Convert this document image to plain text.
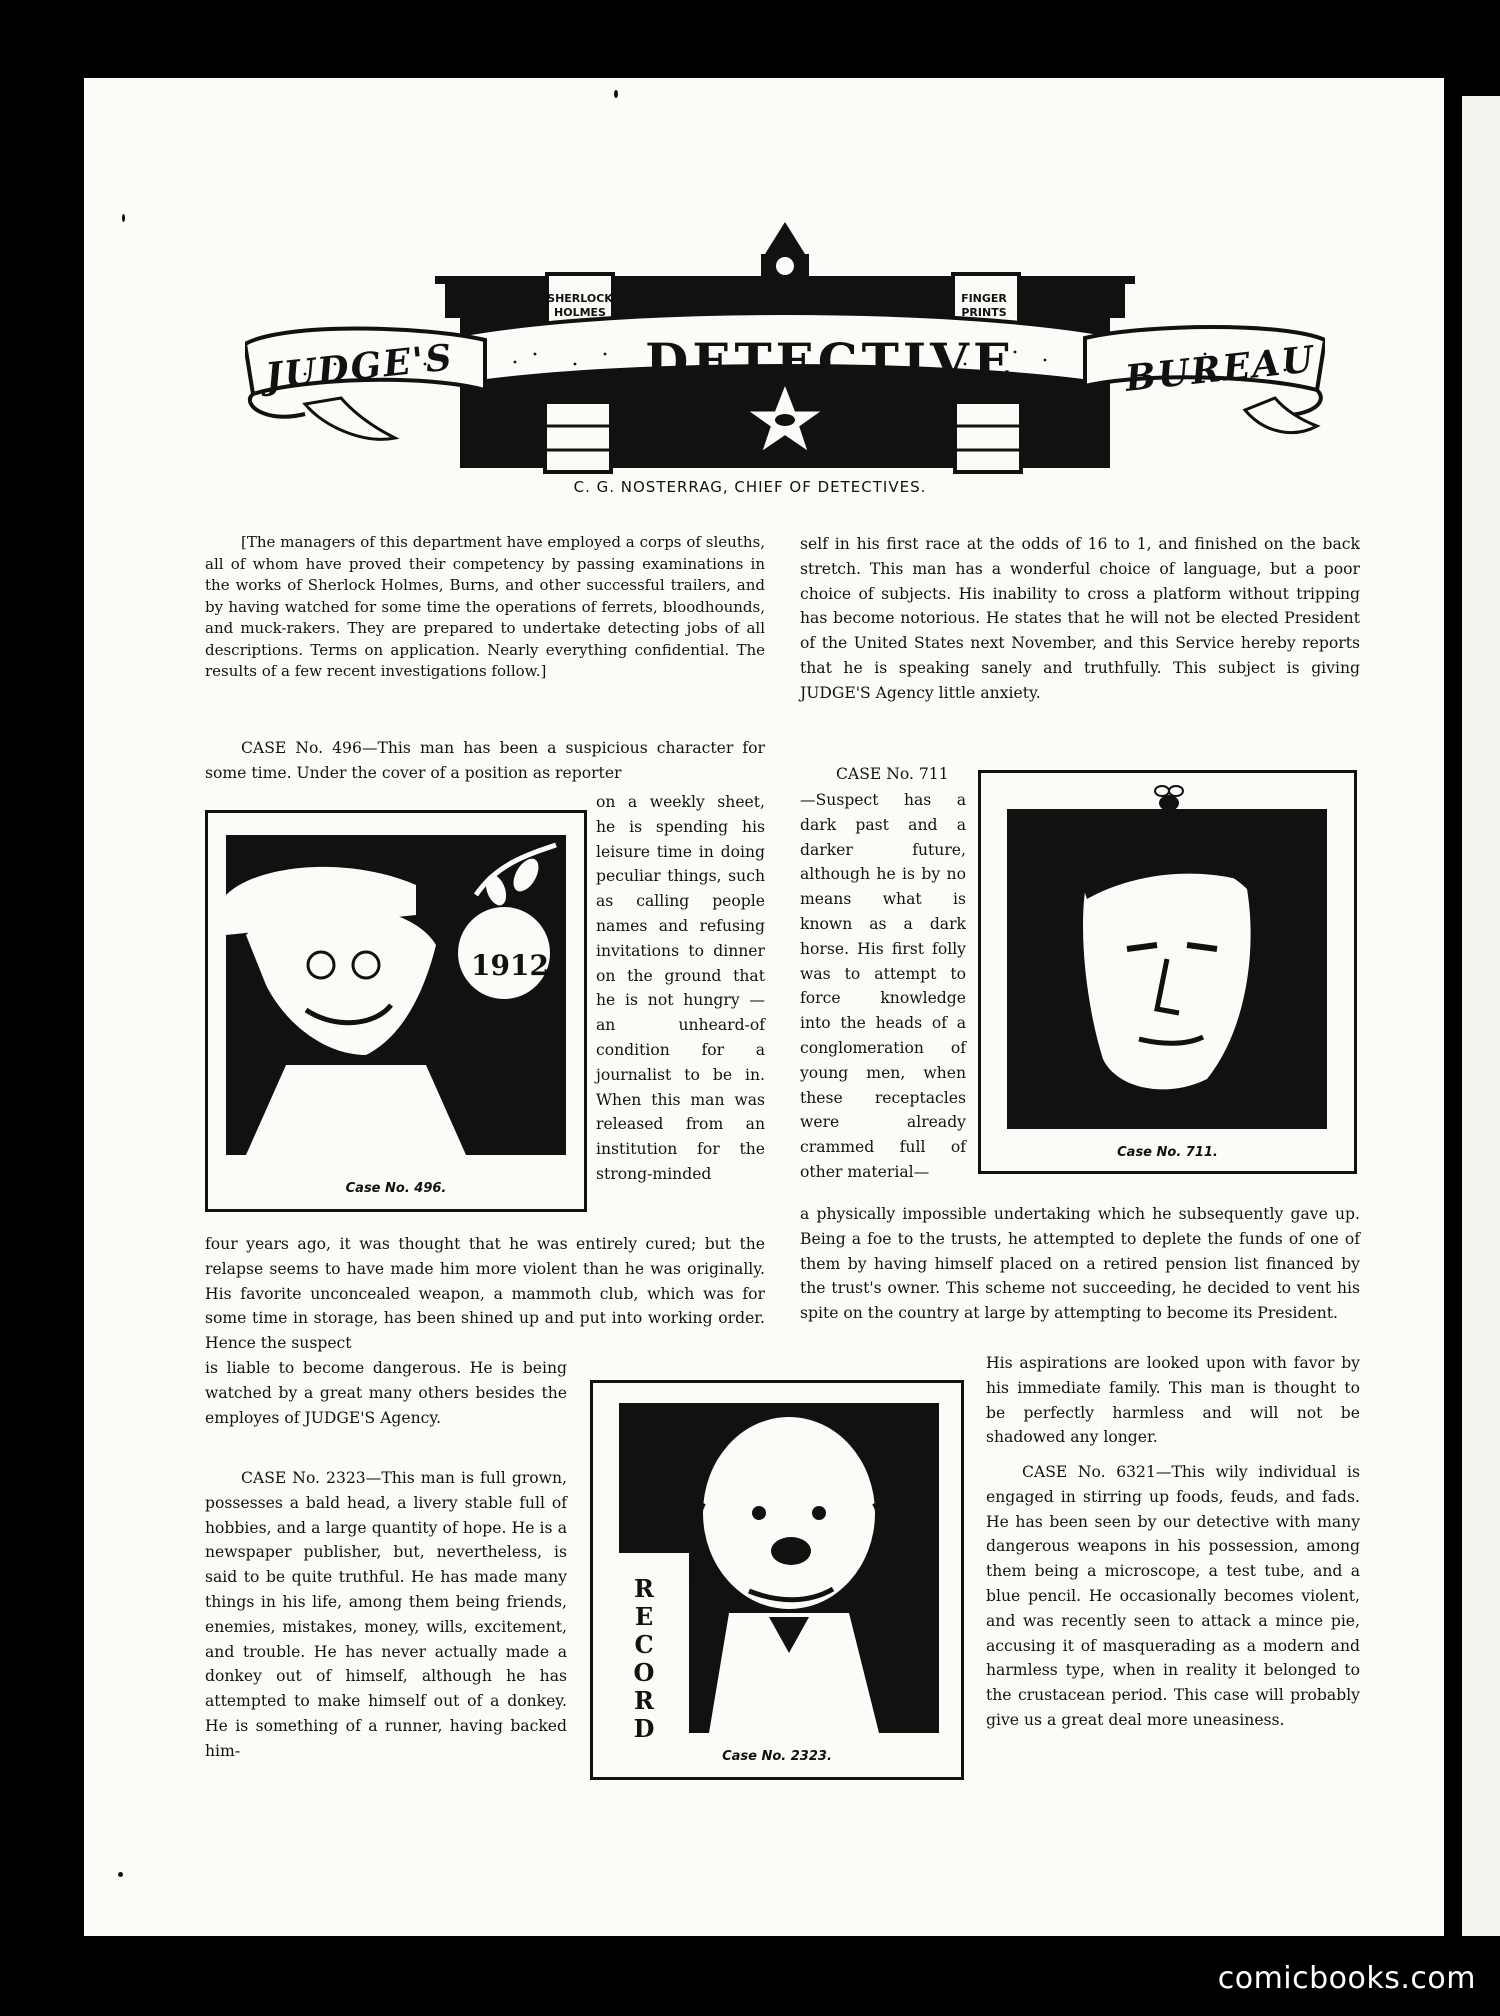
SHERLOCK HOLMES
FINGER PRINTS
JUDGE'S	DETECTIVE	BUREAU
C. G. NOSTERRAG, CHIEF OF DETECTIVES.
[The managers of this department have employed a corps of sleuths, all of whom have proved their competency by passing examinations in the works of Sherlock Holmes, Burns, and other successful trailers, and by having watched for some time the operations of ferrets, bloodhounds, and muck-rakers. They are prepared to undertake detecting jobs of all descriptions. Terms on application. Nearly everything confidential. The results of a few recent investigations follow.]
CASE No. 496—This man has been a suspicious character for some time. Under the cover of a position as reporter
1912
Case No. 496.
on a weekly sheet, he is spending his leisure time in doing peculiar things, such as calling people names and refusing invitations to dinner on the ground that he is not hungry — an unheard-of condition for a journalist to be in. When this man was released from an institution for the strong-minded
four years ago, it was thought that he was entirely cured; but the relapse seems to have made him more violent than he was originally. His favorite unconcealed weapon, a mammoth club, which was for some time in storage, has been shined up and put into working order. Hence the suspect
is liable to become dangerous. He is being watched by a great many others besides the employes of JUDGE'S Agency.
CASE No. 2323—This man is full grown, possesses a bald head, a livery stable full of hobbies, and a large quantity of hope. He is a newspaper publisher, but, nevertheless, is said to be quite truthful. He has made many things in his life, among them being friends, enemies, mistakes, money, wills, excitement, and trouble. He has never actually made a donkey out of himself, although he has attempted to make himself out of a donkey. He is something of a runner, having backed him-
RECORD
Case No. 2323.
self in his first race at the odds of 16 to 1, and finished on the back stretch. This man has a wonderful choice of language, but a poor choice of subjects. His inability to cross a platform without tripping has become notorious. He states that he will not be elected President of the United States next November, and this Service hereby reports that he is speaking sanely and truthfully. This subject is giving JUDGE'S Agency little anxiety.
CASE No. 711
—Suspect has a dark past and a darker future, although he is by no means what is known as a dark horse. His first folly was to attempt to force knowledge into the heads of a conglomeration of young men, when these receptacles were already crammed full of other material—
Case No. 711.
a physically impossible undertaking which he subsequently gave up. Being a foe to the trusts, he attempted to deplete the funds of one of them by having himself placed on a retired pension list financed by the trust's owner. This scheme not succeeding, he decided to vent his spite on the country at large by attempting to become its President.
His aspirations are looked upon with favor by his immediate family. This man is thought to be perfectly harmless and will not be shadowed any longer.
CASE No. 6321—This wily individual is engaged in stirring up foods, feuds, and fads. He has been seen by our detective with many dangerous weapons in his possession, among them being a microscope, a test tube, and a blue pencil. He occasionally becomes violent, and was recently seen to attack a mince pie, accusing it of masquerading as a modern and harmless type, when in reality it belonged to the crustacean period. This case will probably give us a great deal more uneasiness.
comicbooks.com
